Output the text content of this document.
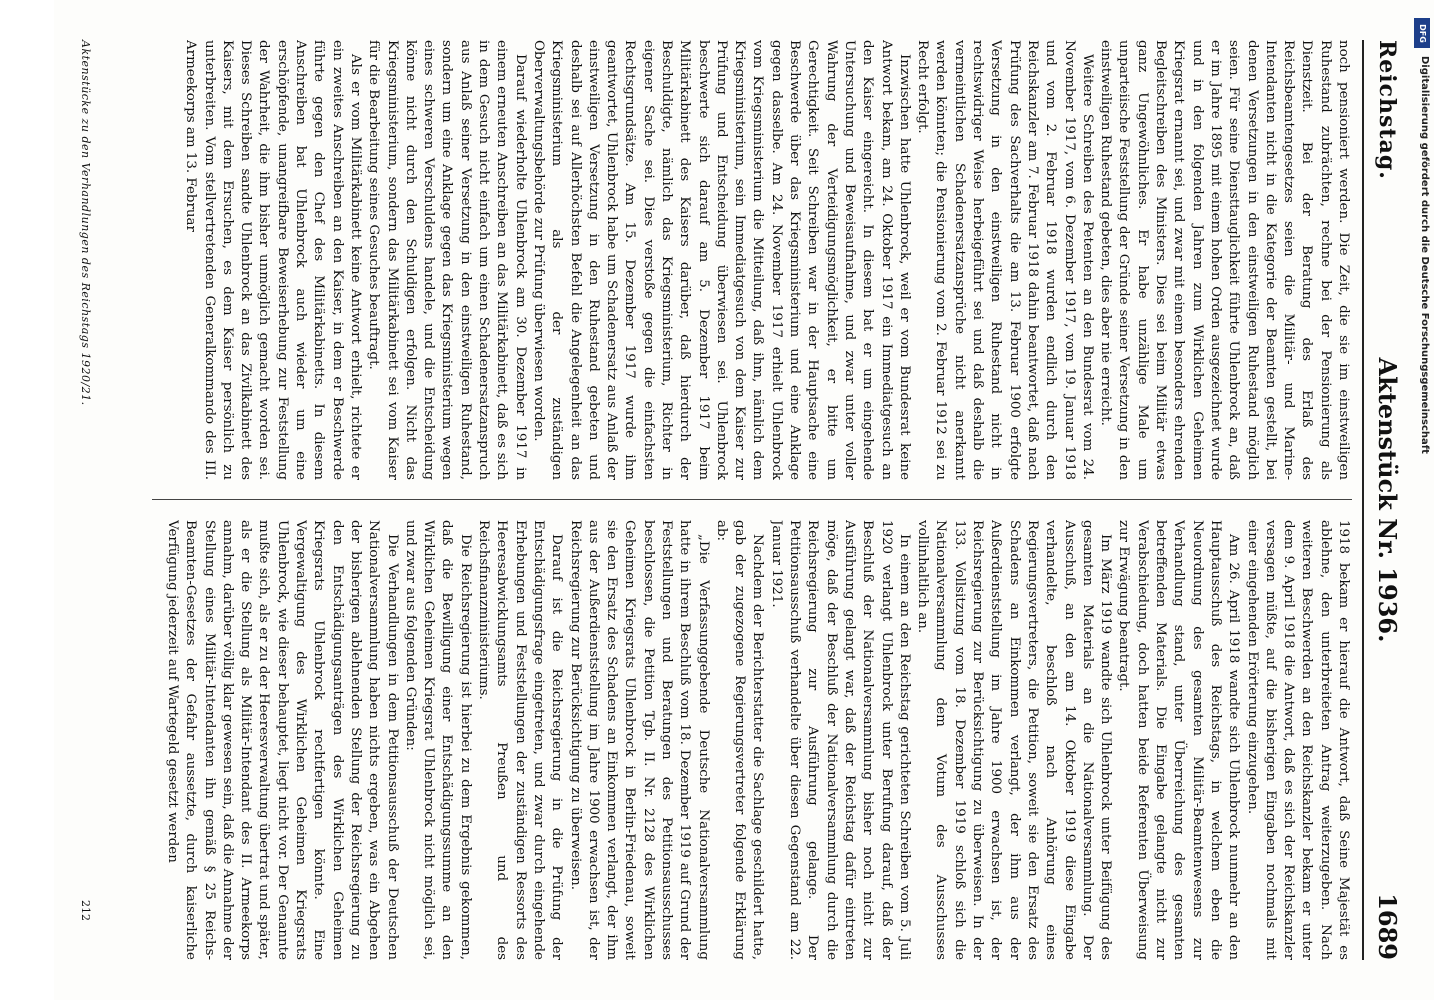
Reichstag.
Aktenstück Nr. 1936.
1689

noch pensioniert werden. Die Zeit, die sie im einstweiligen Ruhestand zubrächten, rechne bei der Pensionierung als Dienstzeit. Bei der Beratung des Erlaß des Reichsbeamtengesetzes seien die Militär- und Marine-Intendanten nicht in die Kategorie der Beamten gestellt, bei denen Versetzungen in den einstweiligen Ruhestand möglich seien. Für seine Diensttauglichkeit führte Uhlenbrock an, daß er im Jahre 1895 mit einem hohen Orden ausgezeichnet wurde und in den folgenden Jahren zum Wirklichen Geheimen Kriegsrat ernannt sei, und zwar mit einem besonders ehrenden Begleitschreiben des Ministers. Dies sei beim Militär etwas ganz Ungewöhnliches. Er habe unzählige Male um unparteiische Feststellung der Gründe seiner Versetzung in den einstweiligen Ruhestand gebeten, dies aber nie erreicht.

Weitere Schreiben des Petenten an den Bundesrat vom 24. November 1917, vom 6. Dezember 1917, vom 19. Januar 1918 und vom 2. Februar 1918 wurden endlich durch den Reichskanzler am 7. Februar 1918 dahin beantwortet, daß nach Prüfung des Sachverhalts die am 13. Februar 1900 erfolgte Versetzung in den einstweiligen Ruhestand nicht in rechtswidriger Weise herbeigeführt sei und daß deshalb die vermeintlichen Schadenersatzansprüche nicht anerkannt werden könnten; die Pensionierung vom 2. Februar 1912 sei zu Recht erfolgt.

Inzwischen hatte Uhlenbrock, weil er vom Bundesrat keine Antwort bekam, am 24. Oktober 1917 ein Immediatgesuch an den Kaiser eingereicht. In diesem bat er um eingehende Untersuchung und Beweisaufnahme, und zwar unter voller Wahrung der Verteidigungsmöglichkeit, er bitte um Gerechtigkeit. Seit Schreiben war in der Hauptsache eine Beschwerde über das Kriegsministerium und eine Anklage gegen dasselbe. Am 24. November 1917 erhielt Uhlenbrock vom Kriegsministerium die Mitteilung, daß ihm, nämlich dem Kriegsministerium, sein Immediatgesuch von dem Kaiser zur Prüfung und Entscheidung überwiesen sei. Uhlenbrock beschwerte sich darauf am 5. Dezember 1917 beim Militärkabinett des Kaisers darüber, daß hierdurch der Beschuldigte, nämlich das Kriegsministerium, Richter in eigener Sache sei. Dies verstoße gegen die einfachsten Rechtsgrundsätze. Am 15. Dezember 1917 wurde ihm geantwortet, Uhlenbrock habe um Schadenersatz aus Anlaß der einstweiligen Versetzung in den Ruhestand gebeten und deshalb sei auf Allerhöchsten Befehl die Angelegenheit an das Kriegsministerium als der zuständigen Oberverwaltungsbehörde zur Prüfung überwiesen worden.

Darauf wiederholte Uhlenbrock am 30. Dezember 1917 in einem erneuten Anschreiben an das Militärkabinett, daß es sich in dem Gesuch nicht einfach um einen Schadenersatzanspruch aus Anlaß seiner Versetzung in den einstweiligen Ruhestand, sondern um eine Anklage gegen das Kriegsministerium wegen eines schweren Verschuldens handele, und die Entscheidung könne nicht durch den Schuldigen erfolgen. Nicht das Kriegsministerium, sondern das Militärkabinett sei vom Kaiser für die Bearbeitung seines Gesuches beauftragt.

Als er vom Militärkabinett keine Antwort erhielt, richtete er ein zweites Anschreiben an den Kaiser, in dem er Beschwerde führte gegen den Chef des Militärkabinetts. In diesem Anschreiben bat Uhlenbrock auch wieder um eine erschöpfende, unangreifbare Beweiserhebung zur Feststellung der Wahrheit, die ihm bisher unmöglich gemacht worden sei. Dieses Schreiben sandte Uhlenbrock an das Zivilkabinett des Kaisers, mit dem Ersuchen, es dem Kaiser persönlich zu unterbreiten. Vom stellvertretenden Generalkommando des III. Armeekorps am 13. Februar

1918 bekam er hierauf die Antwort, daß Seine Majestät es ablehne, den unterbreiteten Antrag weiterzugeben. Nach weiteren Beschwerden an den Reichskanzler bekam er unter dem 9. April 1918 die Antwort, daß es sich der Reichskanzler versagen müßte, auf die bisherigen Eingaben nochmals mit einer eingehenden Erörterung einzugehen.

Am 26. April 1918 wandte sich Uhlenbrock nunmehr an den Hauptausschuß des Reichstags, in welchem eben die Neuordnung des gesamten Militär-Beamtenwesens zur Verhandlung stand, unter Überreichung des gesamten betreffenden Materials. Die Eingabe gelangte nicht zur Verabschiedung, doch hatten beide Referenten Überweisung zur Erwägung beantragt.

Im März 1919 wandte sich Uhlenbrock unter Beifügung des gesamten Materials an die Nationalversammlung. Der Ausschuß, an den am 14. Oktober 1919 diese Eingabe verhandelte, beschloß nach Anhörung eines Regierungsvertreters, die Petition, soweit sie den Ersatz des Schadens an Einkommen verlangt, der ihm aus der Außerdienststellung im Jahre 1900 erwachsen ist, der Reichsregierung zur Berücksichtigung zu überweisen. In der 133. Vollsitzung vom 18. Dezember 1919 schloß sich die Nationalversammlung dem Votum des Ausschusses vollinhaltlich an.

In einem an den Reichstag gerichteten Schreiben vom 5. Juli 1920 verlangt Uhlenbrock unter Berufung darauf, daß der Beschluß der Nationalversammlung bisher noch nicht zur Ausführung gelangt war, daß der Reichstag dafür eintreten möge, daß der Beschluß der Nationalversammlung durch die Reichsregierung zur Ausführung gelange. Der Petitionsausschuß verhandelte über diesen Gegenstand am 22. Januar 1921.

Nachdem der Berichterstatter die Sachlage geschildert hatte, gab der zugezogene Regierungsvertreter folgende Erklärung ab:

„Die Verfassunggebende Deutsche Nationalversammlung hatte in ihrem Beschluß vom 18. Dezember 1919 auf Grund der Feststellungen und Beratungen des Petitionsausschusses beschlossen, die Petition Tgb. II. Nr. 2128 des Wirklichen Geheimen Kriegsrats Uhlenbrock in Berlin-Friedenau, soweit sie den Ersatz des Schadens an Einkommen verlangt, der ihm aus der Außerdienststellung im Jahre 1900 erwachsen ist, der Reichsregierung zur Berücksichtigung zu überweisen.

Darauf ist die Reichsregierung in die Prüfung der Entschädigungsfrage eingetreten, und zwar durch eingehende Erhebungen und Feststellungen der zuständigen Ressorts des Heeresabwicklungsamts Preußen und des Reichsfinanzministeriums.

Die Reichsregierung ist hierbei zu dem Ergebnis gekommen, daß die Bewilligung einer Entschädigungssumme an den Wirklichen Geheimen Kriegsrat Uhlenbrock nicht möglich sei, und zwar aus folgenden Gründen:

Die Verhandlungen in dem Petitionsausschuß der Deutschen Nationalversammlung haben nichts ergeben, was ein Abgehen der bisherigen ablehnenden Stellung der Reichsregierung zu den Entschädigungsanträgen des Wirklichen Geheimen Kriegsrats Uhlenbrock rechtfertigen könnte. Eine Vergewaltigung des Wirklichen Geheimen Kriegsrats Uhlenbrock, wie dieser behauptet, liegt nicht vor. Der Genannte mußte sich, als er zu der Heeresverwaltung übertrat und später, als er die Stellung als Militär-Intendant des II. Armeekorps annahm, darüber völlig klar gewesen sein, daß die Annahme der Stellung eines Militär-Intendanten ihn gemäß § 25 Reichs-Beamten-Gesetzes der Gefahr aussetzte, durch kaiserliche Verfügung jederzeit auf Wartegeld gesetzt werden

Aktenstücke zu den Verhandlungen des Reichstags 1920/21.
212
DFG
Digitalisierung gefördert durch die Deutsche Forschungsgemeinschaft
